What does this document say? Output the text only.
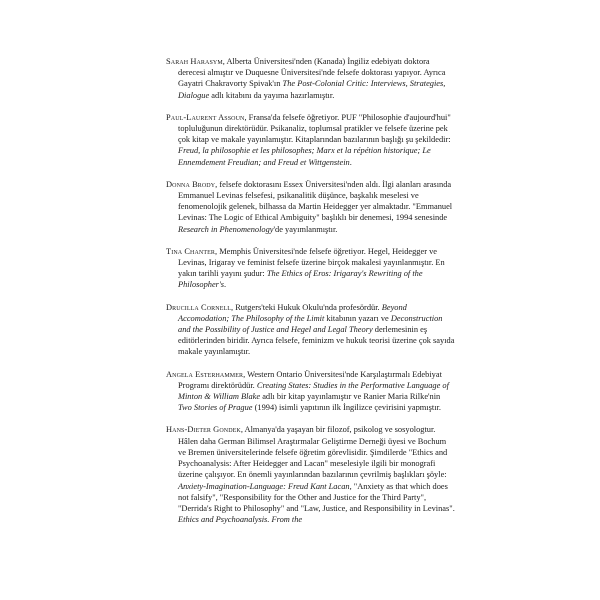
Sarah Harasym, Alberta Üniversitesi'nden (Kanada) İngiliz edebiyatı doktora derecesi almıştır ve Duquesne Üniversitesi'nde felsefe doktorası yapıyor. Ayrıca Gayatri Chakravorty Spivak'ın The Post-Colonial Critic: Interviews, Strategies, Dialogue adlı kitabını da yayıma hazırlamıştır.

Paul-Laurent Assoun, Fransa'da felsefe öğretiyor. PUF "Philosophie d'aujourd'hui" topluluğunun direktörüdür. Psikanaliz, toplumsal pratikler ve felsefe üzerine pek çok kitap ve makale yayınlamıştır. Kitaplarından bazılarının başlığı şu şekildedir: Freud, la philosophie et les philosophes; Marx et la répétion historique; Le Ennemdement Freudian; and Freud et Wittgenstein.

Donna Brody, felsefe doktorasını Essex Üniversitesi'nden aldı. İlgi alanları arasında Emmanuel Levinas felsefesi, psikanalitik düşünce, başkalık meselesi ve fenomenolojik gelenek, bilhassa da Martin Heidegger yer almaktadır. "Emmanuel Levinas: The Logic of Ethical Ambiguity" başlıklı bir denemesi, 1994 senesinde Research in Phenomenology'de yayımlanmıştır.

Tina Chanter, Memphis Üniversitesi'nde felsefe öğretiyor. Hegel, Heidegger ve Levinas, Irigaray ve feminist felsefe üzerine birçok makalesi yayınlanmıştır. En yakın tarihli yayını şudur: The Ethics of Eros: Irigaray's Rewriting of the Philosopher's.

Drucilla Cornell, Rutgers'teki Hukuk Okulu'nda profesördür. Beyond Accomodation; The Philosophy of the Limit kitabının yazarı ve Deconstruction and the Possibility of Justice and Hegel and Legal Theory derlemesinin eş editörlerinden biridir. Ayrıca felsefe, feminizm ve hukuk teorisi üzerine çok sayıda makale yayınlamıştır.

Angela Esterhammer, Western Ontario Üniversitesi'nde Karşılaştırmalı Edebiyat Programı direktörüdür. Creating States: Studies in the Performative Language of Minton & William Blake adlı bir kitap yayınlamıştır ve Ranier Maria Rilke'nin Two Stories of Prague (1994) isimli yapıtının ilk İngilizce çevirisini yapmıştır.

Hans-Dieter Gondek, Almanya'da yaşayan bir filozof, psikolog ve sosyologtur. Hâlen daha German Bilimsel Araştırmalar Geliştirme Derneği üyesi ve Bochum ve Bremen üniversitelerinde felsefe öğretim görevlisidir. Şimdilerde "Ethics and Psychoanalysis: After Heidegger and Lacan" meselesiyle ilgili bir monografi üzerine çalışıyor. En önemli yayınlarından bazılarının çevrilmiş başlıkları şöyle: Anxiety-Imagination-Language: Freud Kant Lacan, "Anxiety as that which does not falsify", "Responsibility for the Other and Justice for the Third Party", "Derrida's Right to Philosophy" and "Law, Justice, and Responsibility in Levinas". Ethics and Psychoanalysis. From the
